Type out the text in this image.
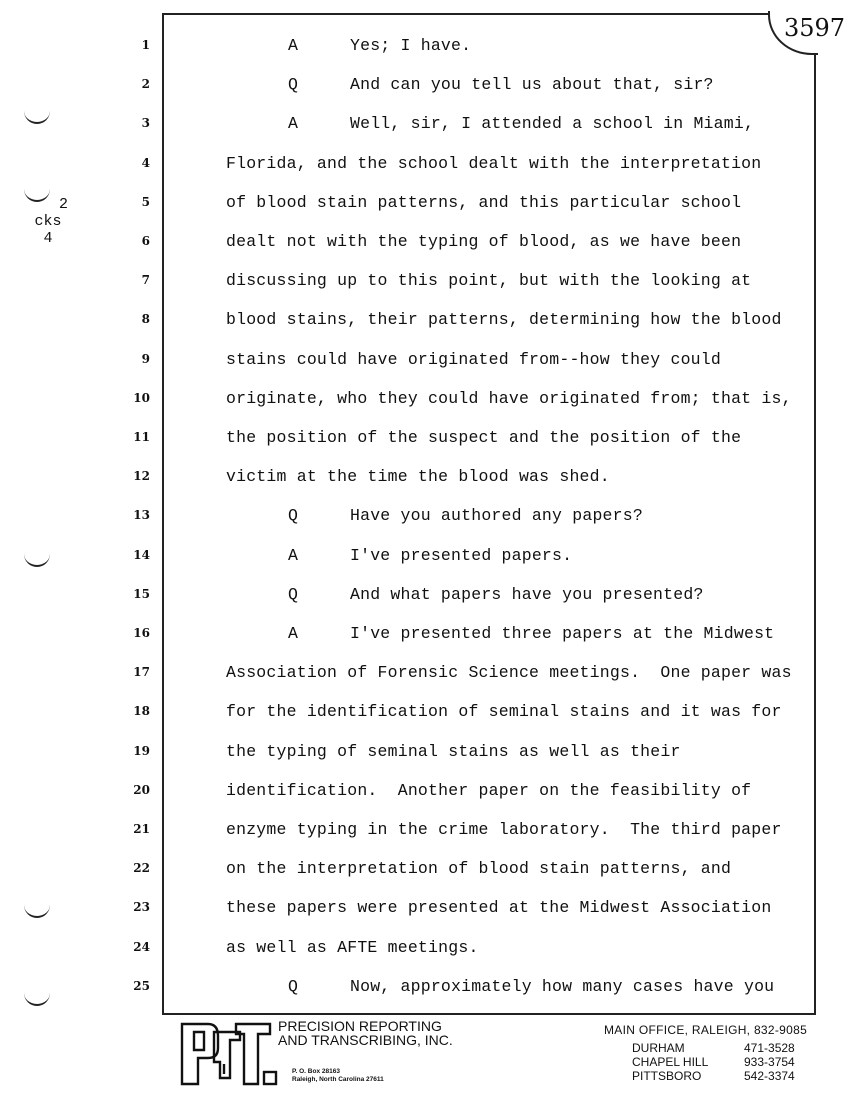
2
cks
4
3597
1
2
3
4
5
6
7
8
9
10
11
12
13
14
15
16
17
18
19
20
21
22
23
24
25
A	Yes; I have.
Q	And can you tell us about that, sir?
A	Well, sir, I attended a school in Miami,
Florida, and the school dealt with the interpretation
of blood stain patterns, and this particular school
dealt not with the typing of blood, as we have been
discussing up to this point, but with the looking at
blood stains, their patterns, determining how the blood
stains could have originated from--how they could
originate, who they could have originated from; that is,
the position of the suspect and the position of the
victim at the time the blood was shed.
Q	Have you authored any papers?
A	I've presented papers.
Q	And what papers have you presented?
A	I've presented three papers at the Midwest
Association of Forensic Science meetings.  One paper was
for the identification of seminal stains and it was for
the typing of seminal stains as well as their
identification.  Another paper on the feasibility of
enzyme typing in the crime laboratory.  The third paper
on the interpretation of blood stain patterns, and
these papers were presented at the Midwest Association
as well as AFTE meetings.
Q	Now, approximately how many cases have you
PRECISION REPORTING
AND TRANSCRIBING, INC.
P. O. Box 28163
Raleigh, North Carolina 27611
MAIN OFFICE, RALEIGH, 832-9085
DURHAM	471-3528
CHAPEL HILL	933-3754
PITTSBORO	542-3374
